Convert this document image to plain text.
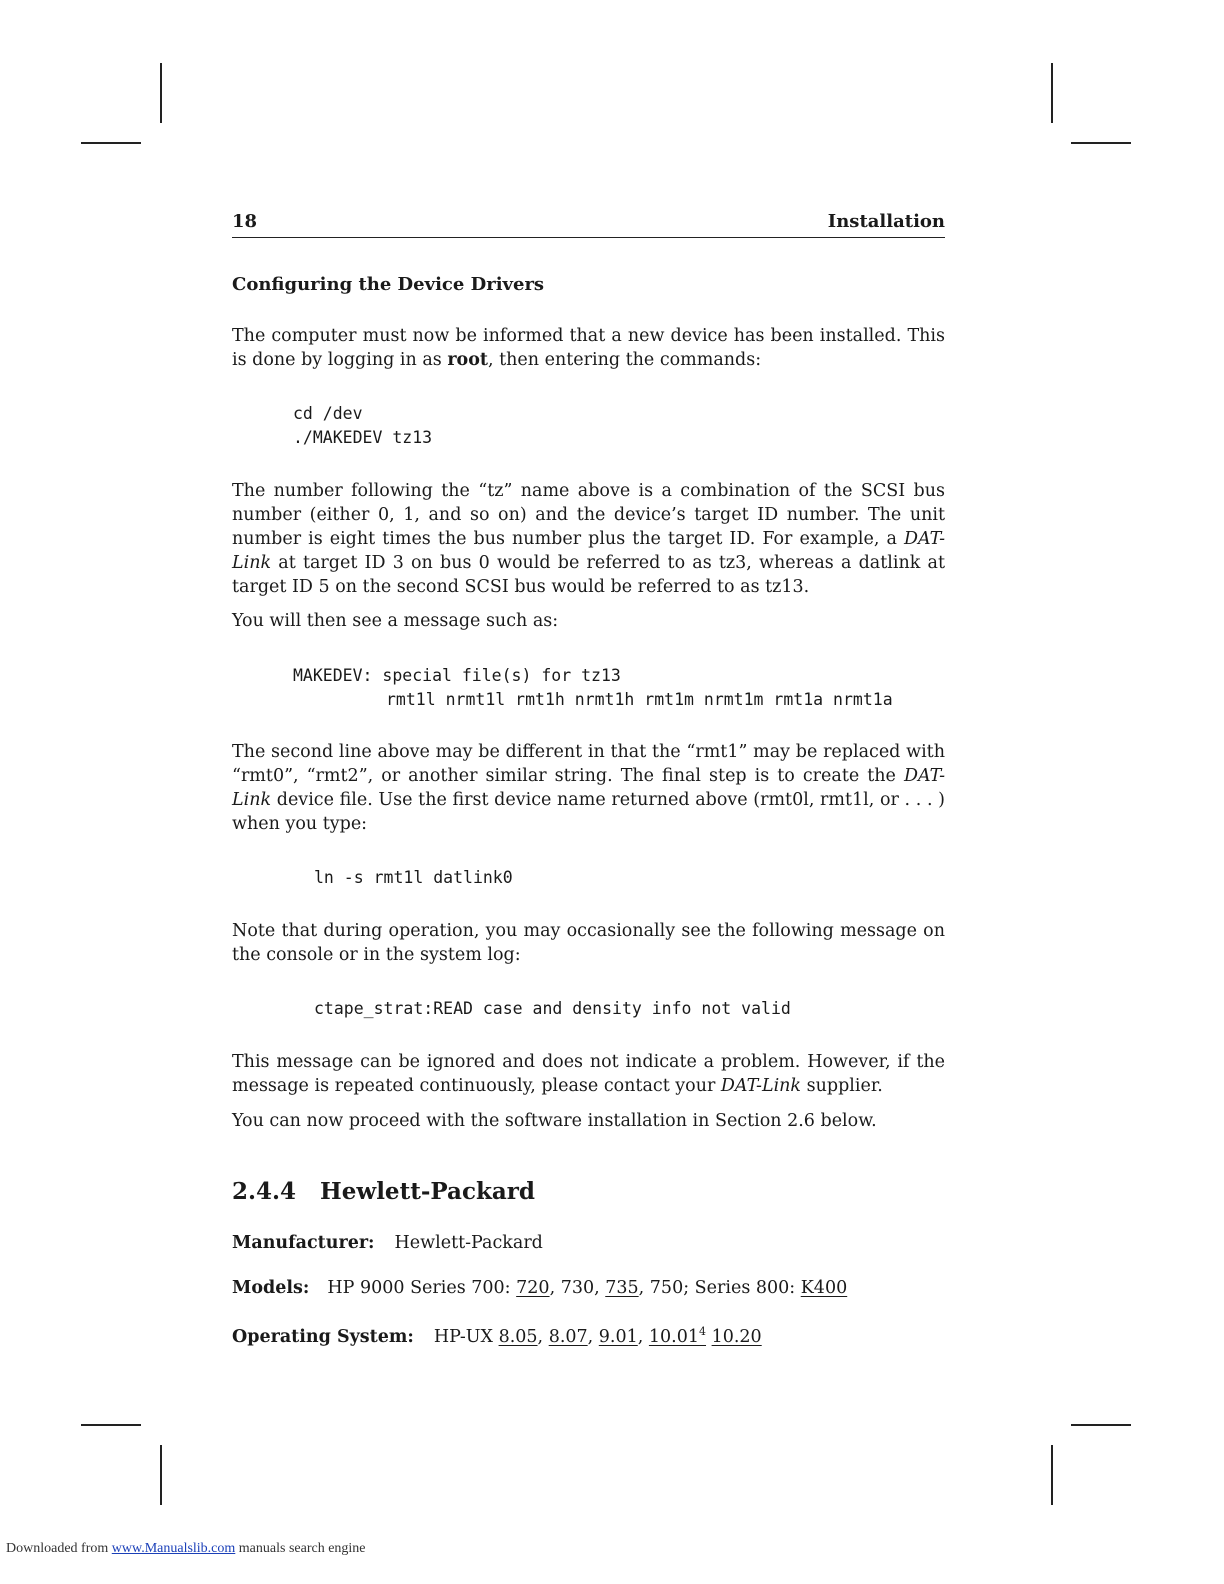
18	Installation
Configuring the Device Drivers
The computer must now be informed that a new device has been installed. This is done by logging in as root, then entering the commands:
cd /dev
./MAKEDEV tz13
The number following the “tz” name above is a combination of the SCSI bus number (either 0, 1, and so on) and the device’s target ID number. The unit number is eight times the bus number plus the target ID. For example, a DAT-Link at target ID 3 on bus 0 would be referred to as tz3, whereas a datlink at target ID 5 on the second SCSI bus would be referred to as tz13.
You will then see a message such as:
MAKEDEV: special file(s) for tz13
rmt1l nrmt1l rmt1h nrmt1h rmt1m nrmt1m rmt1a nrmt1a
The second line above may be different in that the “rmt1” may be replaced with “rmt0”, “rmt2”, or another similar string. The final step is to create the DAT-Link device file. Use the first device name returned above (rmt0l, rmt1l, or . . . ) when you type:
ln -s rmt1l datlink0
Note that during operation, you may occasionally see the following message on the console or in the system log:
ctape_strat:READ case and density info not valid
This message can be ignored and does not indicate a problem. However, if the message is repeated continuously, please contact your DAT-Link supplier.
You can now proceed with the software installation in Section 2.6 below.
2.4.4 Hewlett-Packard
Manufacturer: Hewlett-Packard
Models: HP 9000 Series 700: 720, 730, 735, 750; Series 800: K400
Operating System: HP-UX 8.05, 8.07, 9.01, 10.01$^4$ 10.20
Downloaded from www.Manualslib.com manuals search engine
